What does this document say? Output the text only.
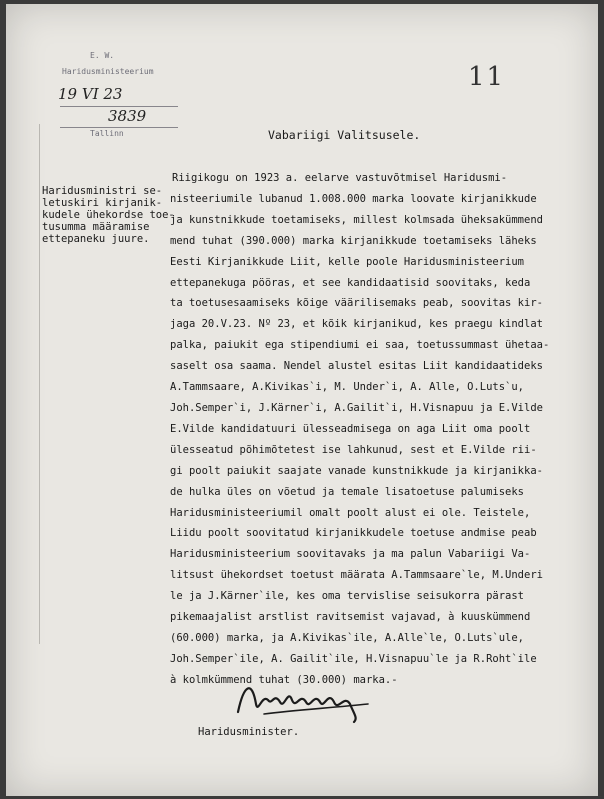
E. W.
Haridusministeerium
19 VI 23
3839
Tallinn
11
Vabariigi Valitsusele.
Haridusministri se-
letuskiri kirjanik-
kudele ühekordse toe-
tusumma määramise
ettepaneku juure.
Riigikogu on 1923 a. eelarve vastuvõtmisel Haridusmi-
nisteeriumile lubanud 1.008.000 marka loovate kirjanikkude
ja kunstnikkude toetamiseks, millest kolmsada üheksakümmend
mend tuhat (390.000) marka kirjanikkude toetamiseks läheks
Eesti Kirjanikkude Liit, kelle poole Haridusministeerium
ettepanekuga pööras, et see kandidaatisid soovitaks, keda
ta toetusesaamiseks kõige väärilisemaks peab, soovitas kir-
jaga 20.V.23. Nº 23, et kõik kirjanikud, kes praegu kindlat
palka, paiukit ega stipendiumi ei saa, toetussummast ühetaa-
saselt osa saama. Nendel alustel esitas Liit kandidaatideks
A.Tammsaare, A.Kivikas`i, M. Under`i, A. Alle, O.Luts`u,
Joh.Semper`i, J.Kärner`i, A.Gailit`i, H.Visnapuu ja E.Vilde
E.Vilde kandidatuuri ülesseadmisega on aga Liit oma poolt
ülesseatud põhimõtetest ise lahkunud, sest et E.Vilde rii-
gi poolt paiukit saajate vanade kunstnikkude ja kirjanikka-
de hulka üles on võetud ja temale lisatoetuse palumiseks
Haridusministeeriumil omalt poolt alust ei ole. Teistele,
Liidu poolt soovitatud kirjanikkudele toetuse andmise peab
Haridusministeerium soovitavaks ja ma palun Vabariigi Va-
litsust ühekordset toetust määrata A.Tammsaare`le, M.Underi
le ja J.Kärner`ile, kes oma tervislise seisukorra pärast
pikemaajalist arstlist ravitsemist vajavad, à kuuskümmend
(60.000) marka, ja A.Kivikas`ile, A.Alle`le, O.Luts`ule,
Joh.Semper`ile, A. Gailit`ile, H.Visnapuu`le ja R.Roht`ile
à kolmkümmend tuhat (30.000) marka.-
Haridusminister.
